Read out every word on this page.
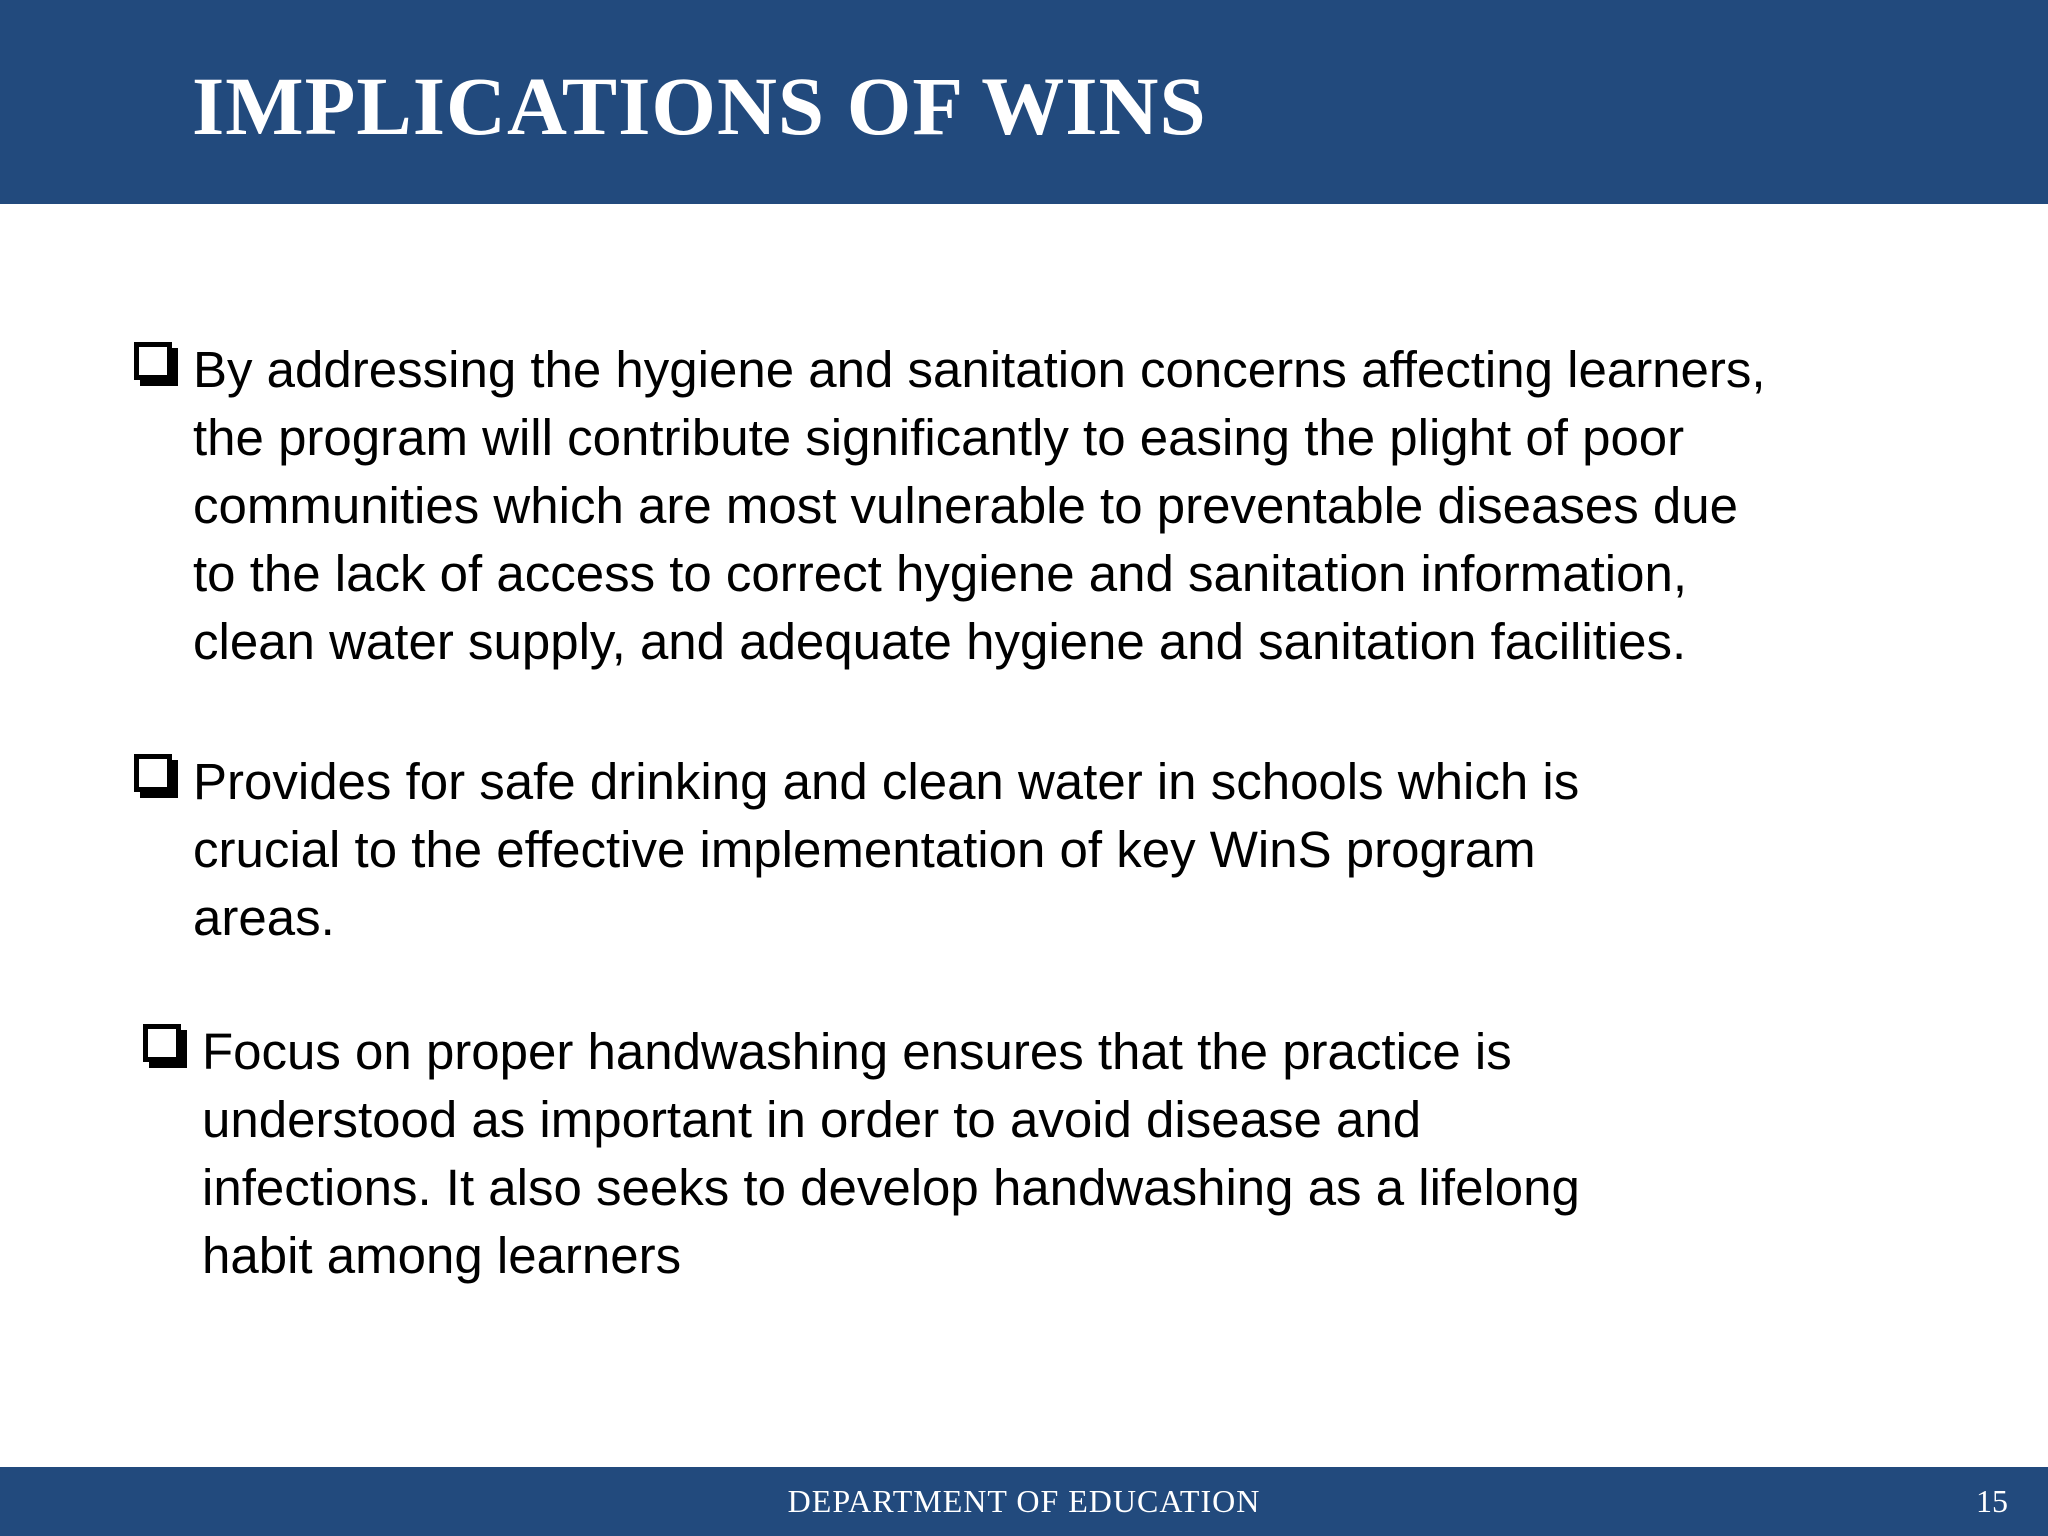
IMPLICATIONS OF WINS

By addressing the hygiene and sanitation concerns affecting learners,
the program will contribute significantly to easing the plight of poor
communities which are most vulnerable to preventable diseases due
to the lack of access to correct hygiene and sanitation information,
clean water supply, and adequate hygiene and sanitation facilities.

Provides for safe drinking and clean water in schools which is
crucial to the effective implementation of key WinS program
areas.

Focus on proper handwashing ensures that the practice is
understood as important in order to avoid disease and
infections. It also seeks to develop handwashing as a lifelong
habit among learners

DEPARTMENT OF EDUCATION	15
